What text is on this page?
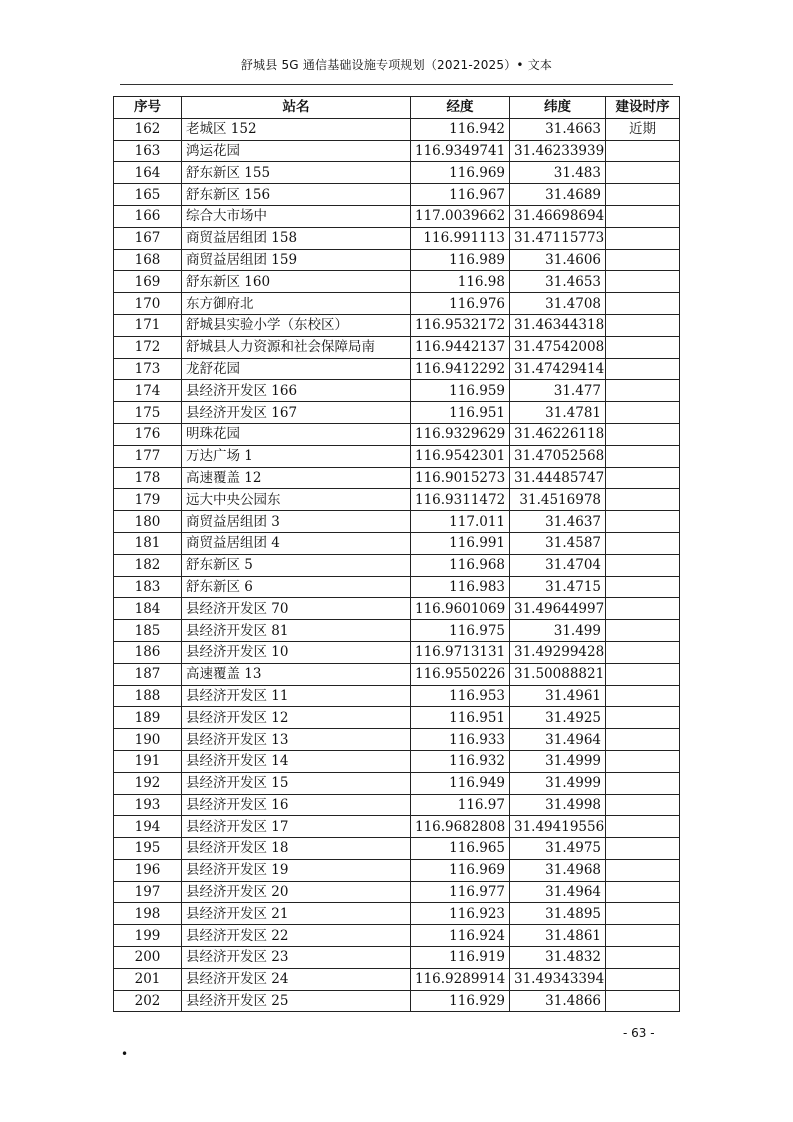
舒城县 5G 通信基础设施专项规划（2021-2025）• 文本
序号	站名	经度	纬度	建设时序
162	老城区 152	116.942	31.4663	近期
163	鸿运花园	116.9349741	31.46233939	
164	舒东新区 155	116.969	31.483	
165	舒东新区 156	116.967	31.4689	
166	综合大市场中	117.0039662	31.46698694	
167	商贸益居组团 158	116.991113	31.47115773	
168	商贸益居组团 159	116.989	31.4606	
169	舒东新区 160	116.98	31.4653	
170	东方御府北	116.976	31.4708	
171	舒城县实验小学（东校区）	116.9532172	31.46344318	
172	舒城县人力资源和社会保障局南	116.9442137	31.47542008	
173	龙舒花园	116.9412292	31.47429414	
174	县经济开发区 166	116.959	31.477	
175	县经济开发区 167	116.951	31.4781	
176	明珠花园	116.9329629	31.46226118	
177	万达广场 1	116.9542301	31.47052568	
178	高速覆盖 12	116.9015273	31.44485747	
179	远大中央公园东	116.9311472	31.4516978	
180	商贸益居组团 3	117.011	31.4637	
181	商贸益居组团 4	116.991	31.4587	
182	舒东新区 5	116.968	31.4704	
183	舒东新区 6	116.983	31.4715	
184	县经济开发区 70	116.9601069	31.49644997	
185	县经济开发区 81	116.975	31.499	
186	县经济开发区 10	116.9713131	31.49299428	
187	高速覆盖 13	116.9550226	31.50088821	
188	县经济开发区 11	116.953	31.4961	
189	县经济开发区 12	116.951	31.4925	
190	县经济开发区 13	116.933	31.4964	
191	县经济开发区 14	116.932	31.4999	
192	县经济开发区 15	116.949	31.4999	
193	县经济开发区 16	116.97	31.4998	
194	县经济开发区 17	116.9682808	31.49419556	
195	县经济开发区 18	116.965	31.4975	
196	县经济开发区 19	116.969	31.4968	
197	县经济开发区 20	116.977	31.4964	
198	县经济开发区 21	116.923	31.4895	
199	县经济开发区 22	116.924	31.4861	
200	县经济开发区 23	116.919	31.4832	
201	县经济开发区 24	116.9289914	31.49343394	
202	县经济开发区 25	116.929	31.4866	
- 63 -
•
